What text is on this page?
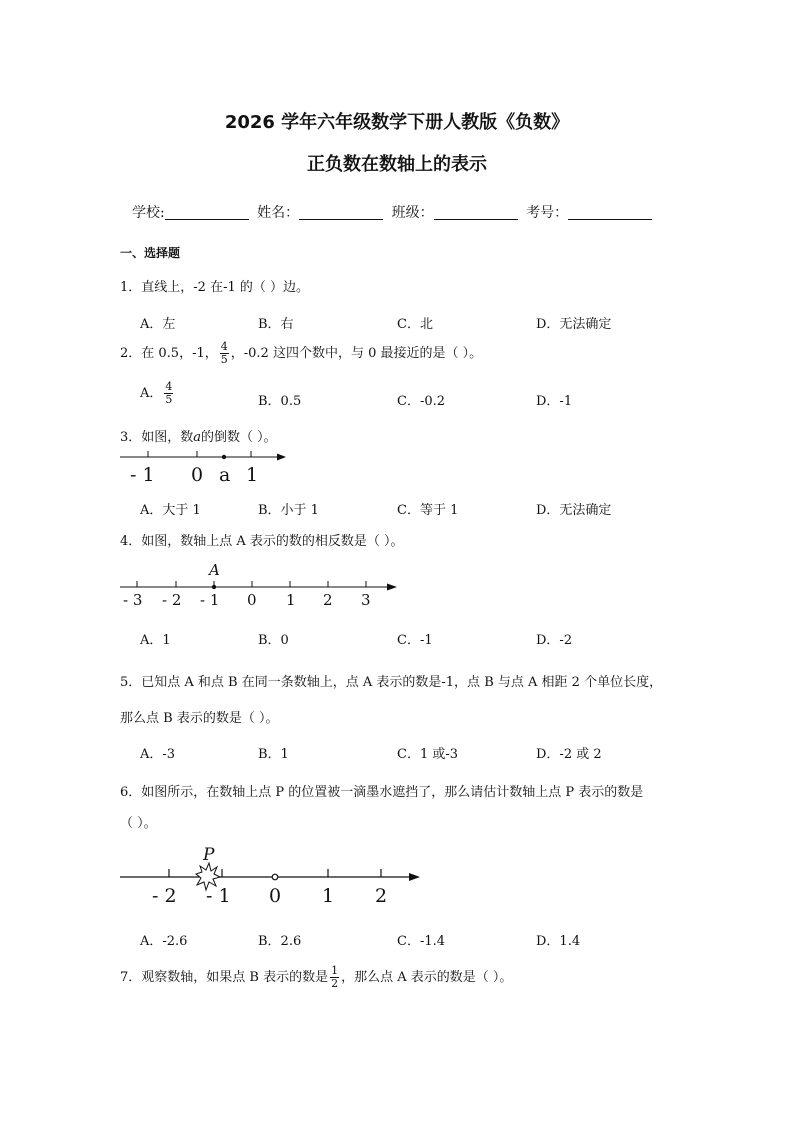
2026 学年六年级数学下册人教版《负数》
正负数在数轴上的表示
学校:	姓名：	班级：	考号：
一、选择题
1．直线上，-2 在-1 的（ ）边。
A．左	B．右	C．北	D．无法确定
2．在 0.5，-1， $\frac{4}{5}$ ，-0.2 这四个数中，与 0 最接近的是（ ）。
A． $\frac{4}{5}$	B．0.5	C．-0.2	D．-1
3．如图，数a的倒数（ ）。
- 1 0 a 1
A．大于 1	B．小于 1	C．等于 1	D．无法确定
4．如图，数轴上点 A 表示的数的相反数是（ ）。
A
- 3 - 2 - 1 0 1 2 3
A．1	B．0	C．-1	D．-2
5．已知点 A 和点 B 在同一条数轴上，点 A 表示的数是-1，点 B 与点 A 相距 2 个单位长度，
那么点 B 表示的数是（ ）。
A．-3	B．1	C．1 或-3	D．-2 或 2
6．如图所示，在数轴上点 P 的位置被一滴墨水遮挡了，那么请估计数轴上点 P 表示的数是
（ ）。
P
- 2 - 1 0 1 2
A．-2.6	B．2.6	C．-1.4	D．1.4
7．观察数轴，如果点 B 表示的数是 $\frac{1}{2}$ ，那么点 A 表示的数是（ ）。
